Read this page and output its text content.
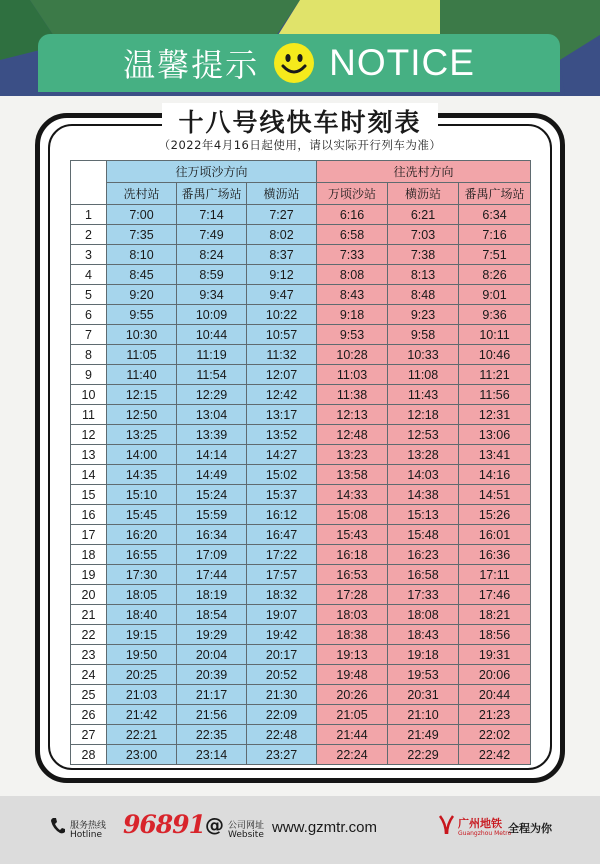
温馨提示 NOTICE
十八号线快车时刻表
（2022年4月16日起使用，请以实际开行列车为准）
	往万顷沙方向			往冼村方向		
	冼村站	番禺广场站	横沥站	万顷沙站	横沥站	番禺广场站
1	7:00	7:14	7:27	6:16	6:21	6:34
2	7:35	7:49	8:02	6:58	7:03	7:16
3	8:10	8:24	8:37	7:33	7:38	7:51
4	8:45	8:59	9:12	8:08	8:13	8:26
5	9:20	9:34	9:47	8:43	8:48	9:01
6	9:55	10:09	10:22	9:18	9:23	9:36
7	10:30	10:44	10:57	9:53	9:58	10:11
8	11:05	11:19	11:32	10:28	10:33	10:46
9	11:40	11:54	12:07	11:03	11:08	11:21
10	12:15	12:29	12:42	11:38	11:43	11:56
11	12:50	13:04	13:17	12:13	12:18	12:31
12	13:25	13:39	13:52	12:48	12:53	13:06
13	14:00	14:14	14:27	13:23	13:28	13:41
14	14:35	14:49	15:02	13:58	14:03	14:16
15	15:10	15:24	15:37	14:33	14:38	14:51
16	15:45	15:59	16:12	15:08	15:13	15:26
17	16:20	16:34	16:47	15:43	15:48	16:01
18	16:55	17:09	17:22	16:18	16:23	16:36
19	17:30	17:44	17:57	16:53	16:58	17:11
20	18:05	18:19	18:32	17:28	17:33	17:46
21	18:40	18:54	19:07	18:03	18:08	18:21
22	19:15	19:29	19:42	18:38	18:43	18:56
23	19:50	20:04	20:17	19:13	19:18	19:31
24	20:25	20:39	20:52	19:48	19:53	20:06
25	21:03	21:17	21:30	20:26	20:31	20:44
26	21:42	21:56	22:09	21:05	21:10	21:23
27	22:21	22:35	22:48	21:44	21:49	22:02
28	23:00	23:14	23:27	22:24	22:29	22:42
服务热线
Hotline 96891 @ 公司网址
Website www.gzmtr.com	广州地铁
Guangzhou Metro
全程为你
